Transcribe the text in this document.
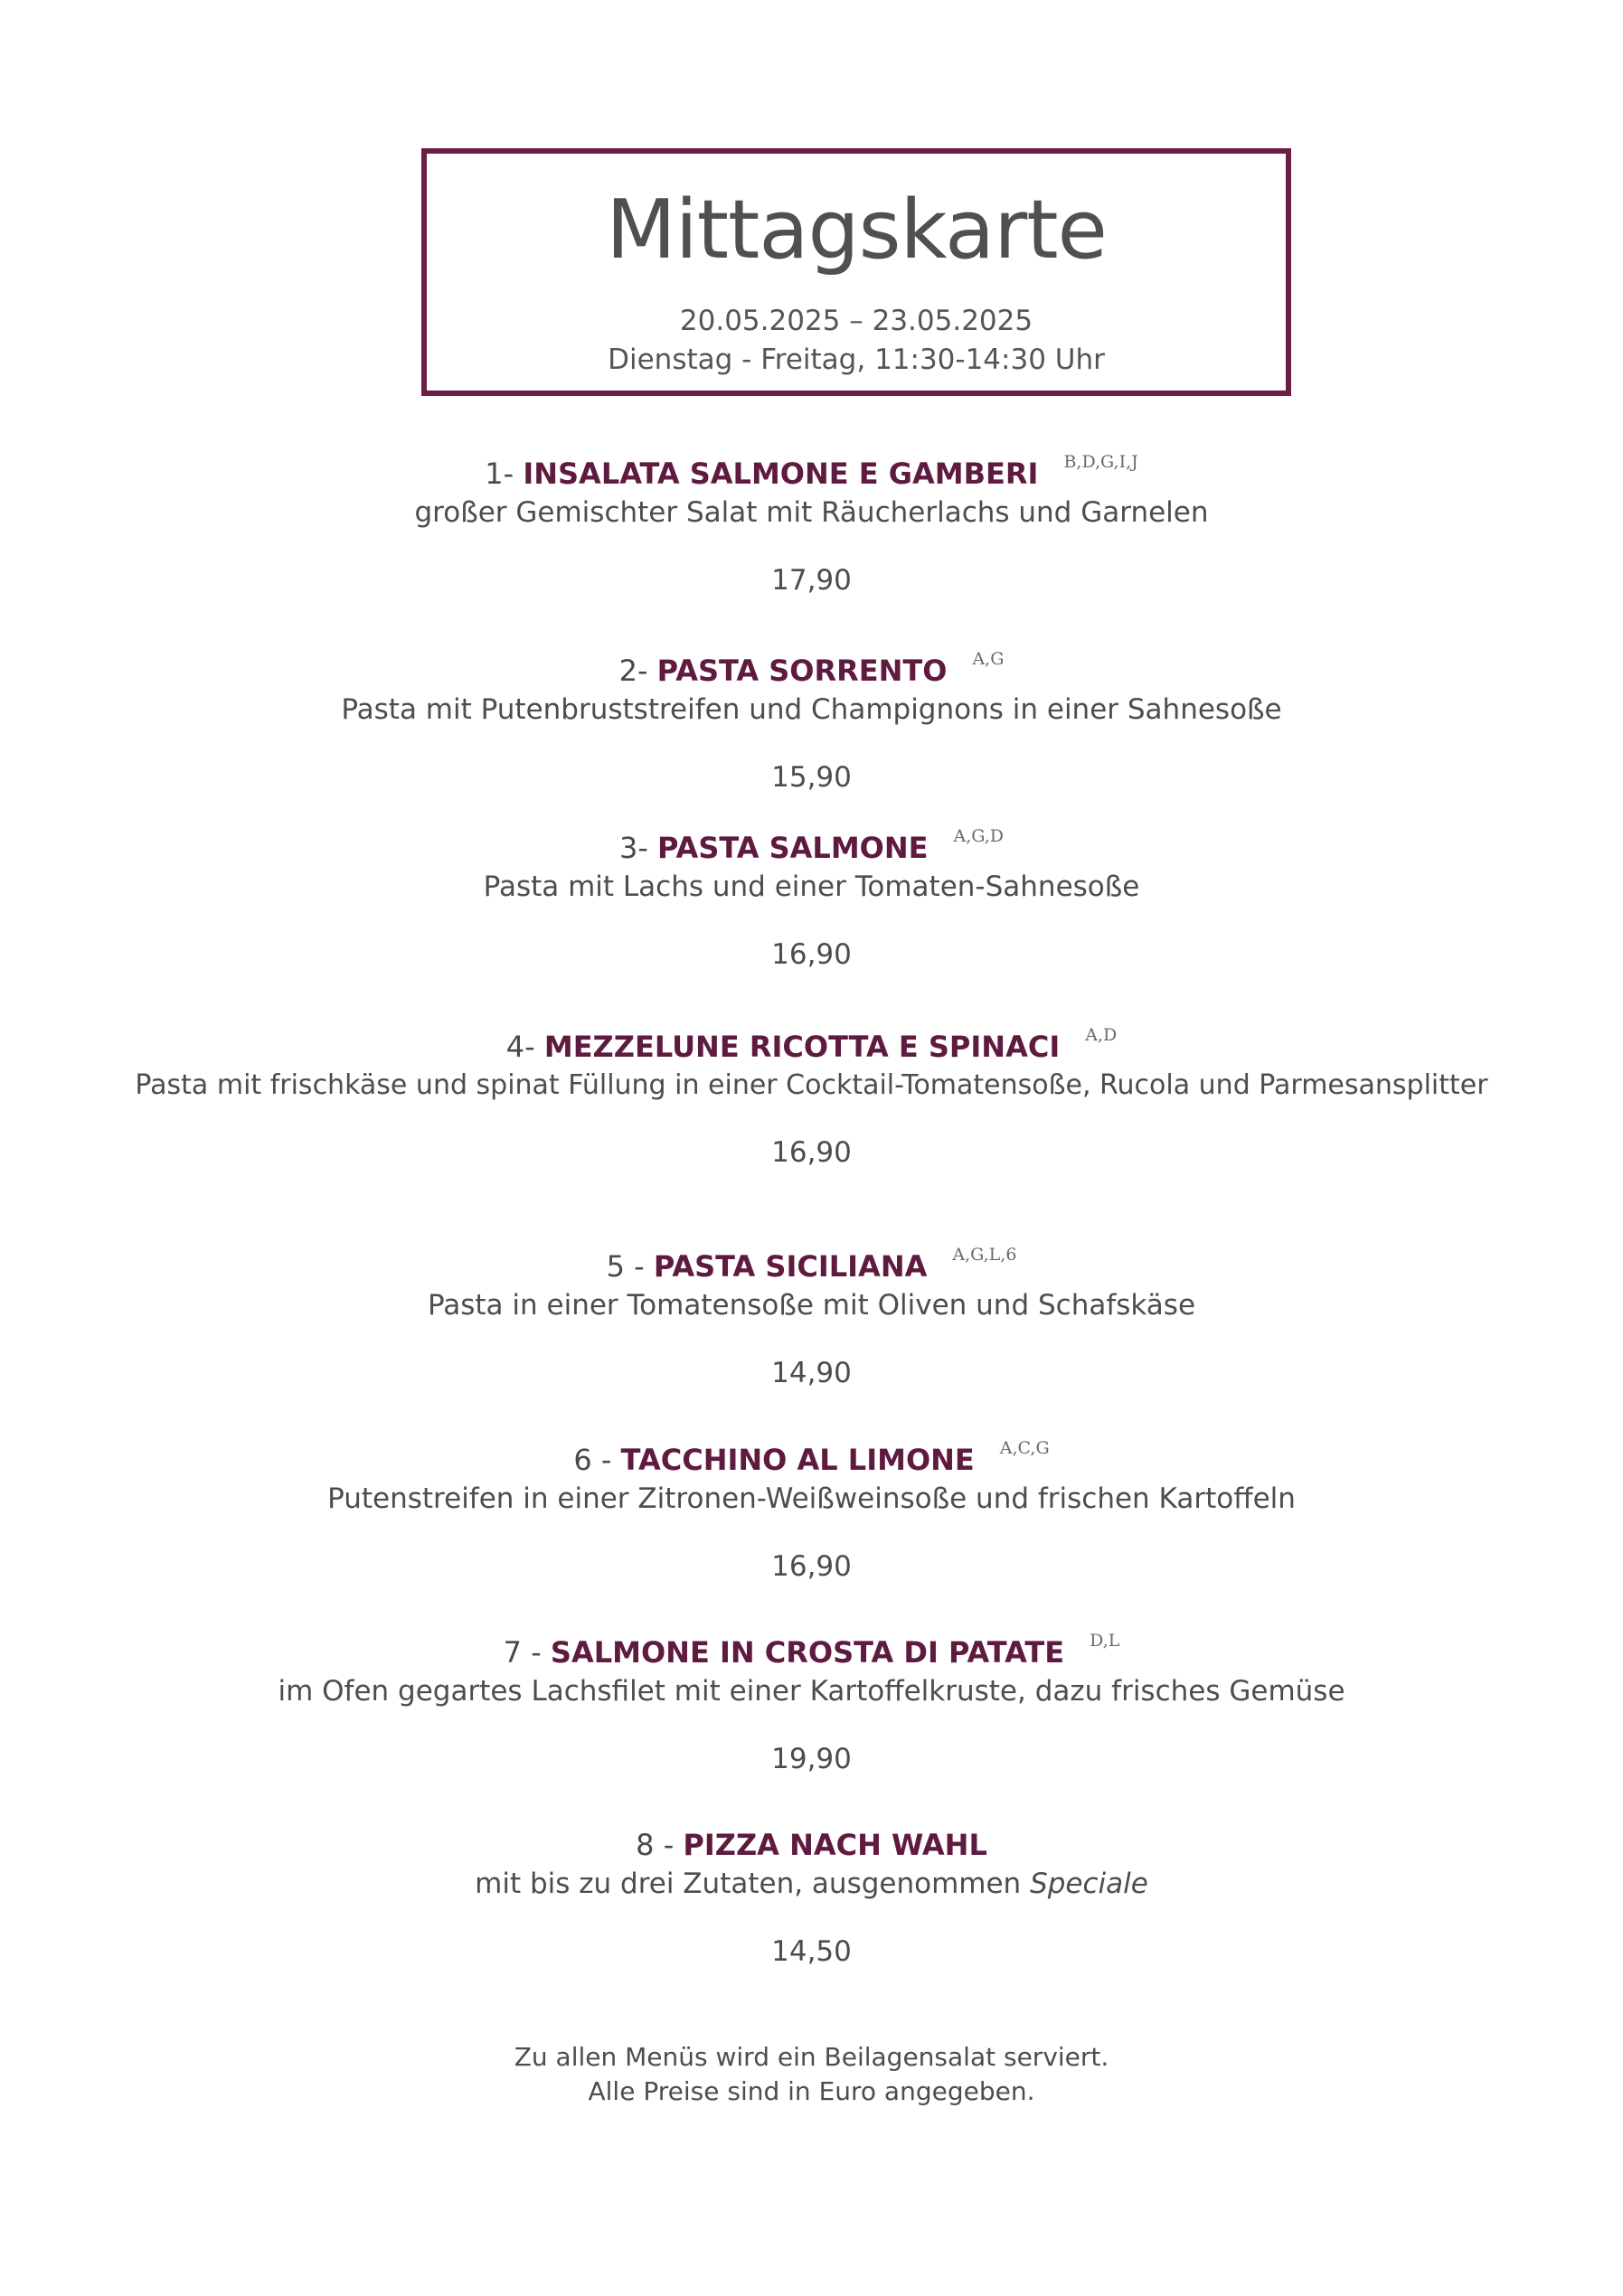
Mittagskarte
20.05.2025 – 23.05.2025
Dienstag - Freitag, 11:30-14:30 Uhr
1- INSALATA SALMONE E GAMBERI B,D,G,I,J
großer Gemischter Salat mit Räucherlachs und Garnelen
17,90
2- PASTA SORRENTO A,G
Pasta mit Putenbruststreifen und Champignons in einer Sahnesoße
15,90
3- PASTA SALMONE A,G,D
Pasta mit Lachs und einer Tomaten-Sahnesoße
16,90
4- MEZZELUNE RICOTTA E SPINACI A,D
Pasta mit frischkäse und spinat Füllung in einer Cocktail-Tomatensoße, Rucola und Parmesansplitter
16,90
5 - PASTA SICILIANA A,G,L,6
Pasta in einer Tomatensoße mit Oliven und Schafskäse
14,90
6 - TACCHINO AL LIMONE A,C,G
Putenstreifen in einer Zitronen-Weißweinsoße und frischen Kartoffeln
16,90
7 - SALMONE IN CROSTA DI PATATE D,L
im Ofen gegartes Lachsfilet mit einer Kartoffelkruste, dazu frisches Gemüse
19,90
8 - PIZZA NACH WAHL
mit bis zu drei Zutaten, ausgenommen Speciale
14,50
Zu allen Menüs wird ein Beilagensalat serviert.
Alle Preise sind in Euro angegeben.
